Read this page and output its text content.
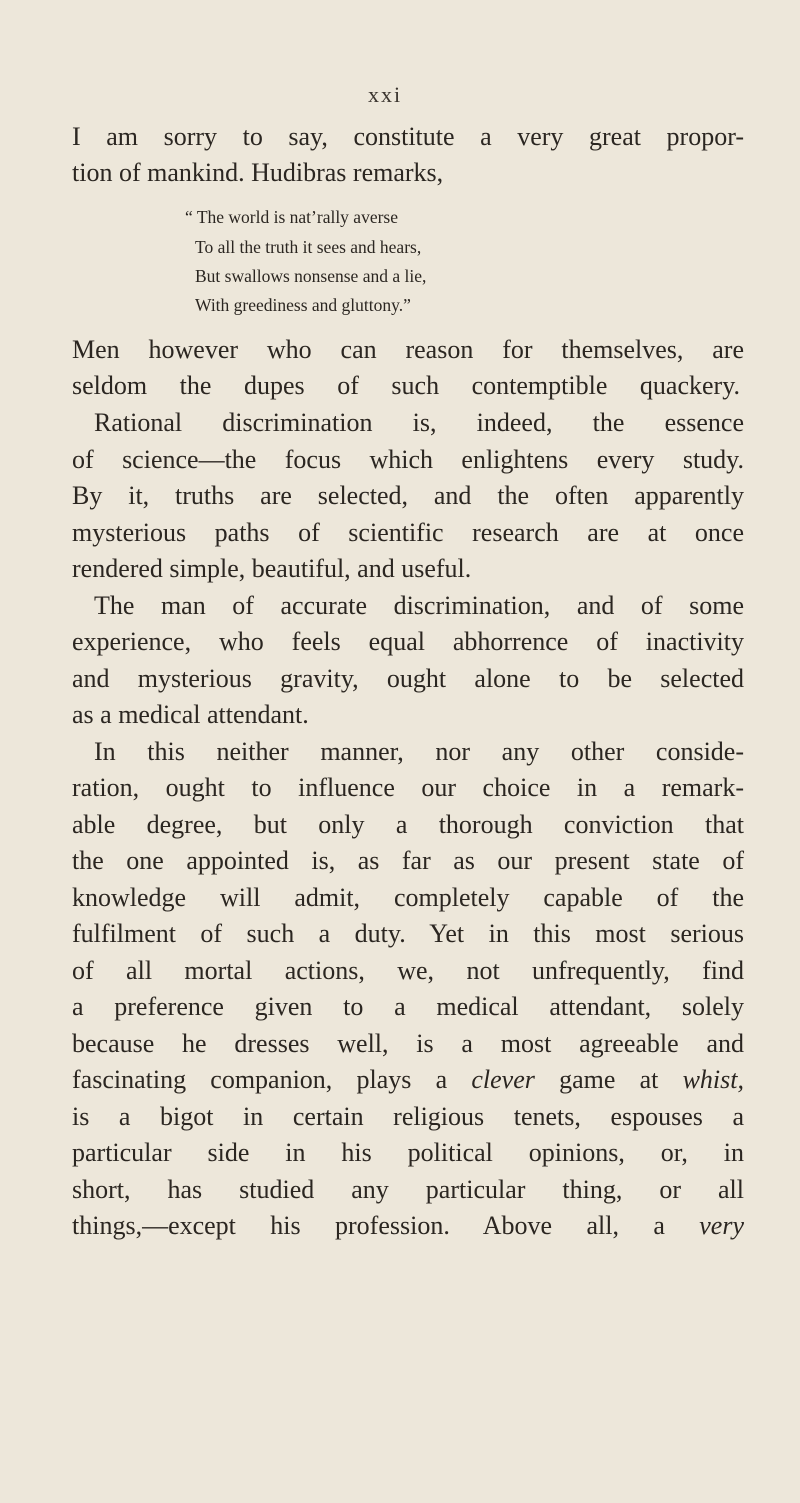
xxi
I am sorry to say, constitute a very great propor-
tion of mankind. Hudibras remarks,
“ The world is nat’rally averse
To all the truth it sees and hears,
But swallows nonsense and a lie,
With greediness and gluttony.”
Men however who can reason for themselves, are
seldom the dupes of such contemptible quackery.
Rational discrimination is, indeed, the essence
of science—the focus which enlightens every study.
By it, truths are selected, and the often apparently
mysterious paths of scientific research are at once
rendered simple, beautiful, and useful.
The man of accurate discrimination, and of some
experience, who feels equal abhorrence of inactivity
and mysterious gravity, ought alone to be selected
as a medical attendant.
In this neither manner, nor any other conside-
ration, ought to influence our choice in a remark-
able degree, but only a thorough conviction that
the one appointed is, as far as our present state of
knowledge will admit, completely capable of the
fulfilment of such a duty. Yet in this most serious
of all mortal actions, we, not unfrequently, find
a preference given to a medical attendant, solely
because he dresses well, is a most agreeable and
fascinating companion, plays a clever game at whist,
is a bigot in certain religious tenets, espouses a
particular side in his political opinions, or, in
short, has studied any particular thing, or all
things,—except his profession. Above all, a very
